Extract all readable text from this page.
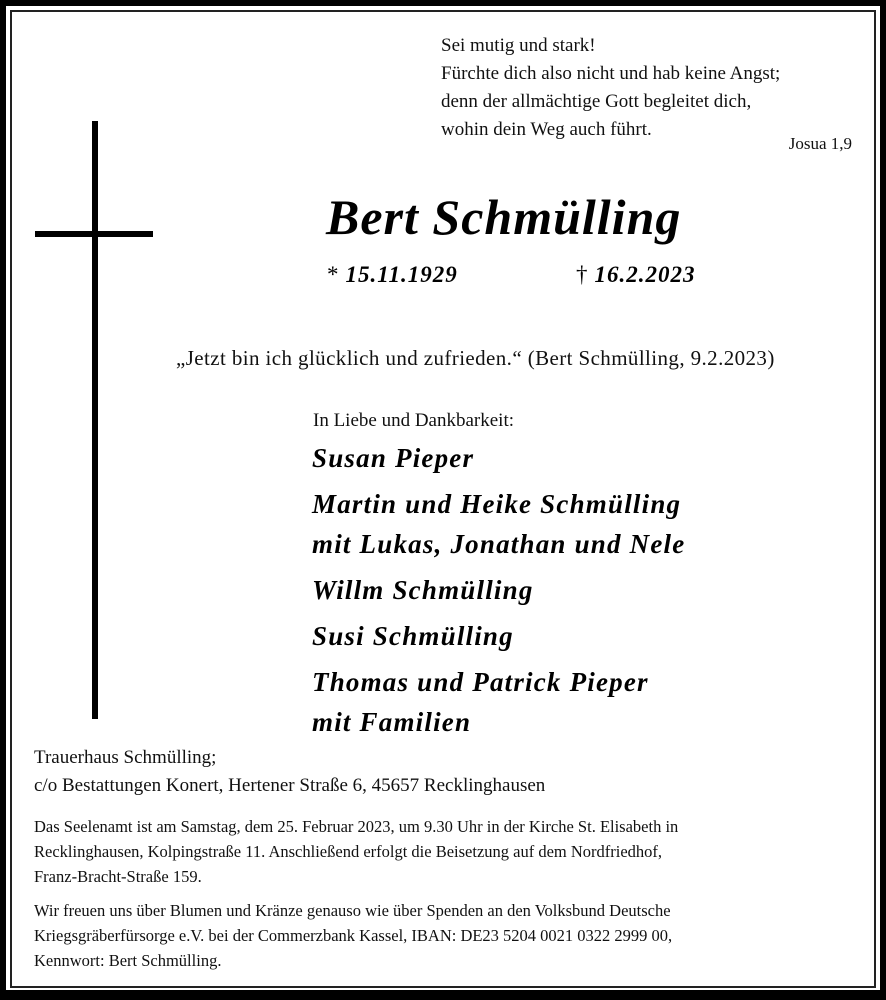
Sei mutig und stark!
Fürchte dich also nicht und hab keine Angst;
denn der allmächtige Gott begleitet dich,
wohin dein Weg auch führt.
Josua 1,9
Bert Schmülling
* 15.11.1929	† 16.2.2023
„Jetzt bin ich glücklich und zufrieden.“ (Bert Schmülling, 9.2.2023)
In Liebe und Dankbarkeit:
Susan Pieper
Martin und Heike Schmülling
mit Lukas, Jonathan und Nele
Willm Schmülling
Susi Schmülling
Thomas und Patrick Pieper
mit Familien
Trauerhaus Schmülling;
c/o Bestattungen Konert, Hertener Straße 6, 45657 Recklinghausen
Das Seelenamt ist am Samstag, dem 25. Februar 2023, um 9.30 Uhr in der Kirche St. Elisabeth in
Recklinghausen, Kolpingstraße 11. Anschließend erfolgt die Beisetzung auf dem Nordfriedhof,
Franz-Bracht-Straße 159.
Wir freuen uns über Blumen und Kränze genauso wie über Spenden an den Volksbund Deutsche
Kriegsgräberfürsorge e.V. bei der Commerzbank Kassel, IBAN: DE23 5204 0021 0322 2999 00,
Kennwort: Bert Schmülling.
